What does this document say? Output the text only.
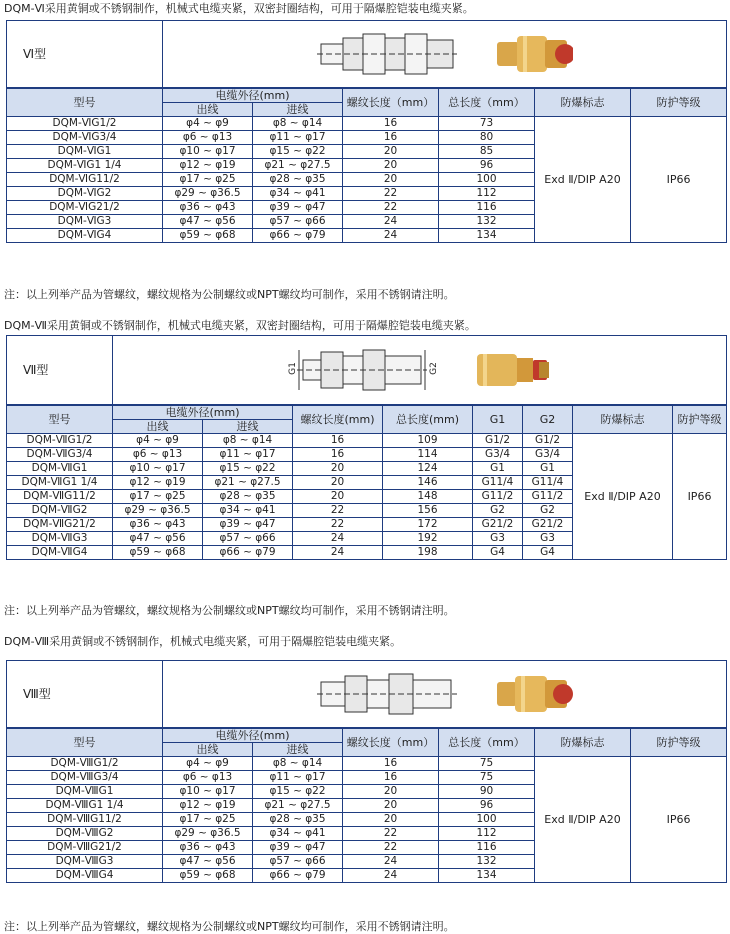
DQM-Ⅵ采用黄铜或不锈钢制作，机械式电缆夹紧，双密封圈结构，可用于隔爆腔铠装电缆夹紧。
Ⅵ型	

型号	电缆外径(mm)		螺纹长度（mm）	总长度（mm）	防爆标志	防护等级
	出线	进线				
DQM-ⅥG1/2	φ4 ~ φ9	φ8 ~ φ14	16	73	Exd Ⅱ/DIP A20	IP66
DQM-ⅥG3/4	φ6 ~ φ13	φ11 ~ φ17	16	80		
DQM-ⅥG1	φ10 ~ φ17	φ15 ~ φ22	20	85		
DQM-ⅥG1 1/4	φ12 ~ φ19	φ21 ~ φ27.5	20	96		
DQM-ⅥG11/2	φ17 ~ φ25	φ28 ~ φ35	20	100		
DQM-ⅥG2	φ29 ~ φ36.5	φ34 ~ φ41	22	112		
DQM-ⅥG21/2	φ36 ~ φ43	φ39 ~ φ47	22	116		
DQM-ⅥG3	φ47 ~ φ56	φ57 ~ φ66	24	132		
DQM-ⅥG4	φ59 ~ φ68	φ66 ~ φ79	24	134		
注：以上列举产品为管螺纹，螺纹规格为公制螺纹或NPT螺纹均可制作，采用不锈钢请注明。
DQM-Ⅶ采用黄铜或不锈钢制作，机械式电缆夹紧，双密封圈结构，可用于隔爆腔铠装电缆夹紧。
Ⅶ型	G1 G2							

型号	电缆外径(mm)		螺纹长度(mm)	总长度(mm)	G1	G2	防爆标志	防护等级
	出线	进线						
DQM-ⅦG1/2	φ4 ~ φ9	φ8 ~ φ14	16	109	G1/2	G1/2	Exd Ⅱ/DIP A20	IP66
DQM-ⅦG3/4	φ6 ~ φ13	φ11 ~ φ17	16	114	G3/4	G3/4		
DQM-ⅦG1	φ10 ~ φ17	φ15 ~ φ22	20	124	G1	G1		
DQM-ⅦG1 1/4	φ12 ~ φ19	φ21 ~ φ27.5	20	146	G11/4	G11/4		
DQM-ⅦG11/2	φ17 ~ φ25	φ28 ~ φ35	20	148	G11/2	G11/2		
DQM-ⅦG2	φ29 ~ φ36.5	φ34 ~ φ41	22	156	G2	G2		
DQM-ⅦG21/2	φ36 ~ φ43	φ39 ~ φ47	22	172	G21/2	G21/2		
DQM-ⅦG3	φ47 ~ φ56	φ57 ~ φ66	24	192	G3	G3		
DQM-ⅦG4	φ59 ~ φ68	φ66 ~ φ79	24	198	G4	G4		
注：以上列举产品为管螺纹，螺纹规格为公制螺纹或NPT螺纹均可制作，采用不锈钢请注明。
DQM-Ⅷ采用黄铜或不锈钢制作，机械式电缆夹紧，可用于隔爆腔铠装电缆夹紧。
Ⅷ型	

型号	电缆外径(mm)		螺纹长度（mm）	总长度（mm）	防爆标志	防护等级
	出线	进线				
DQM-ⅧG1/2	φ4 ~ φ9	φ8 ~ φ14	16	75	Exd Ⅱ/DIP A20	IP66
DQM-ⅧG3/4	φ6 ~ φ13	φ11 ~ φ17	16	75		
DQM-ⅧG1	φ10 ~ φ17	φ15 ~ φ22	20	90		
DQM-ⅧG1 1/4	φ12 ~ φ19	φ21 ~ φ27.5	20	96		
DQM-ⅧG11/2	φ17 ~ φ25	φ28 ~ φ35	20	100		
DQM-ⅧG2	φ29 ~ φ36.5	φ34 ~ φ41	22	112		
DQM-ⅧG21/2	φ36 ~ φ43	φ39 ~ φ47	22	116		
DQM-ⅧG3	φ47 ~ φ56	φ57 ~ φ66	24	132		
DQM-ⅧG4	φ59 ~ φ68	φ66 ~ φ79	24	134		
注：以上列举产品为管螺纹，螺纹规格为公制螺纹或NPT螺纹均可制作，采用不锈钢请注明。
